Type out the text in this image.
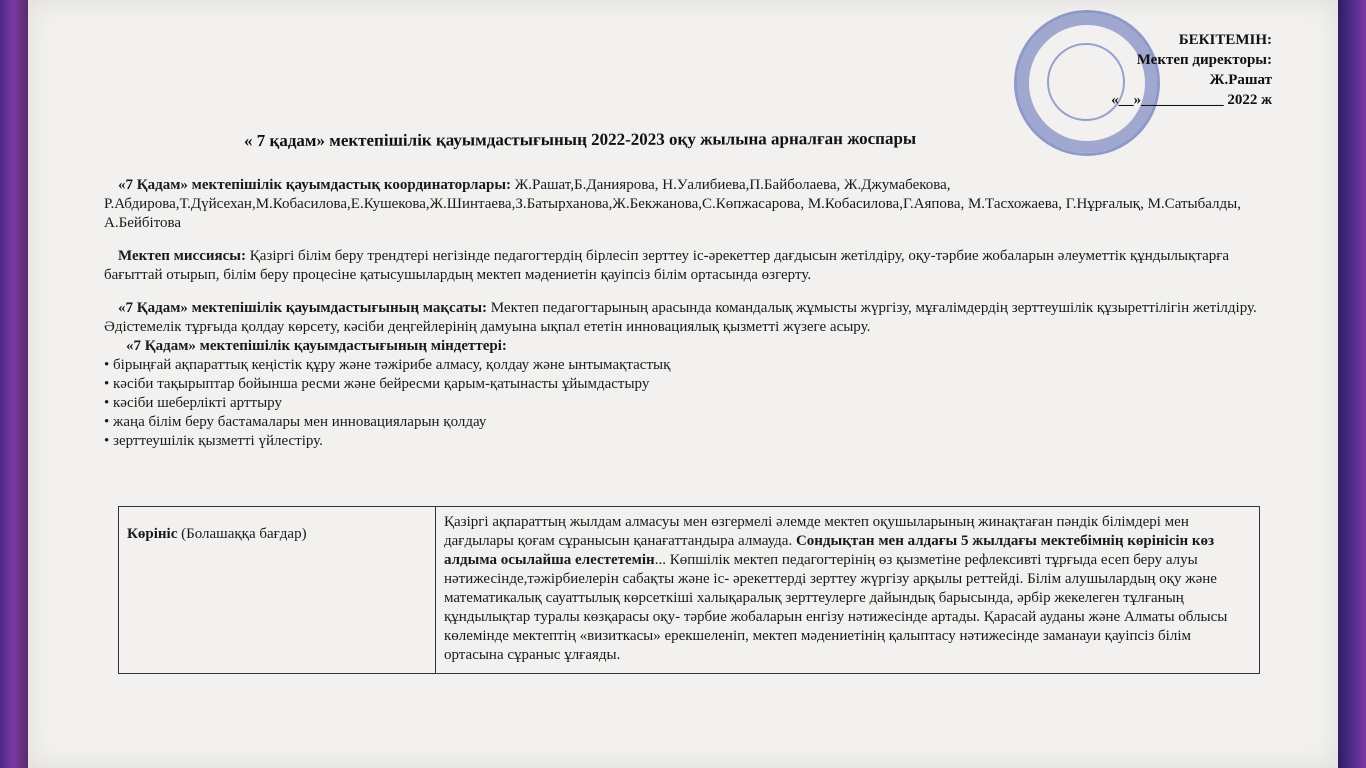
БЕКІТЕМІН:
Мектеп директоры:
Ж.Рашат
«__»___________ 2022 ж
« 7 қадам» мектепішілік қауымдастығының 2022-2023 оқу жылына арналған жоспары

«7 Қадам» мектепішілік қауымдастық координаторлары: Ж.Рашат,Б.Даниярова, Н.Уалибиева,П.Байболаева, Ж.Джумабекова, Р.Абдирова,Т.Дүйсехан,М.Кобасилова,Е.Кушекова,Ж.Шинтаева,З.Батырханова,Ж.Бекжанова,С.Көпжасарова, М.Кобасилова,Г.Аяпова, М.Тасхожаева, Г.Нұрғалық, М.Сатыбалды, А.Бейбітова

Мектеп миссиясы: Қазіргі білім беру трендтері негізінде педагогтердің бірлесіп зерттеу іс-әрекеттер дағдысын жетілдіру, оқу-тәрбие жобаларын әлеуметтік құндылықтарға бағыттай отырып, білім беру процесіне қатысушылардың мектеп мәдениетін қауіпсіз білім ортасында өзгерту.

«7 Қадам» мектепішілік қауымдастығының мақсаты: Мектеп педагогтарының арасында командалық жұмысты жүргізу, мұғалімдердің зерттеушілік құзыреттілігін жетілдіру. Әдістемелік тұрғыда қолдау көрсету, кәсіби деңгейлерінің дамуына ықпал ететін инновациялық қызметті жүзеге асыру.

«7 Қадам» мектепішілік қауымдастығының міндеттері:

• бірыңғай ақпараттық кеңістік құру және тәжірибе алмасу, қолдау және ынтымақтастық
• кәсіби тақырыптар бойынша ресми және бейресми қарым-қатынасты ұйымдастыру
• кәсіби шеберлікті арттыру
• жаңа білім беру бастамалары мен инновацияларын қолдау
• зерттеушілік қызметті үйлестіру.
Көрініс (Болашаққа бағдар)	Қазіргі ақпараттың жылдам алмасуы мен өзгермелі әлемде мектеп оқушыларының жинақтаған пәндік білімдері мен дағдылары қоғам сұранысын қанағаттандыра алмауда. Сондықтан мен алдағы 5 жылдағы мектебімнің көрінісін көз алдыма осылайша елестетемін... Көпшілік мектеп педагогтерінің өз қызметіне рефлексивті тұрғыда есеп беру алуы нәтижесінде,тәжірбиелерін сабақты және іс- әрекеттерді зерттеу жүргізу арқылы реттейді. Білім алушылардың оқу және математикалық сауаттылық көрсеткіші халықаралық зерттеулерге дайындық барысында, әрбір жекелеген тұлғаның құндылықтар туралы көзқарасы оқу- тәрбие жобаларын енгізу нәтижесінде артады. Қарасай ауданы және Алматы облысы көлемінде мектептің «визиткасы» ерекшеленіп, мектеп мәдениетінің қалыптасу нәтижесінде заманауи қауіпсіз білім ортасына сұраныс ұлғаяды.
